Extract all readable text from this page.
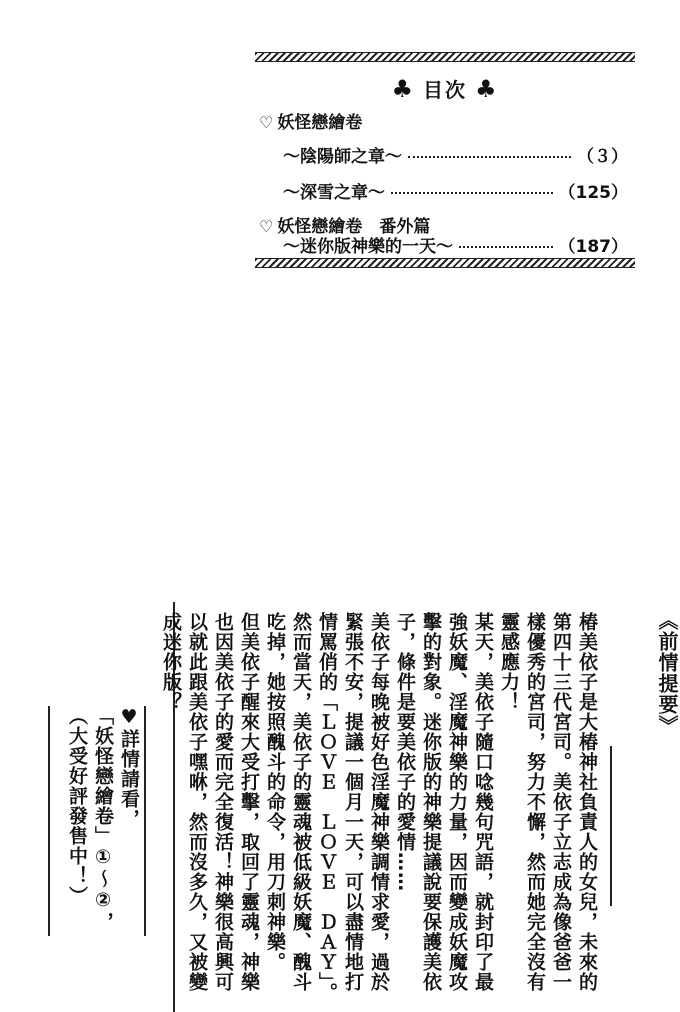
♣ 目次 ♣
♡ 妖怪戀繪卷
～陰陽師之章～	（３）
～深雪之章～	（125）
♡ 妖怪戀繪卷　番外篇
～迷你版神樂的一天～	（187）
《前情提要》

椿美依子是大椿神社負責人的女兒，未來的第四十三代宮司。美依子立志成為像爸爸一樣優秀的宮司，努力不懈，然而她完全沒有靈感應力！

某天，美依子隨口唸幾句咒語，就封印了最強妖魔、淫魔神樂的力量，因而變成妖魔攻擊的對象。迷你版的神樂提議說要保護美依子，條件是要美依子的愛情……

美依子每晚被好色淫魔神樂調情求愛，過於緊張不安，提議一個月一天，可以盡情地打情罵俏的「ＬＯＶＥ　ＬＯＶＥ　ＤＡＹ」。

然而當天，美依子的靈魂被低級妖魔、醜斗吃掉，她按照醜斗的命令，用刀刺神樂。

但美依子醒來大受打擊，取回了靈魂，神樂也因美依子的愛而完全復活！神樂很高興可以就此跟美依子嘿咻，然而沒多久，又被變成迷你版？

♥詳情請看，

「妖怪戀繪卷」①～②，

（大受好評發售中！）
